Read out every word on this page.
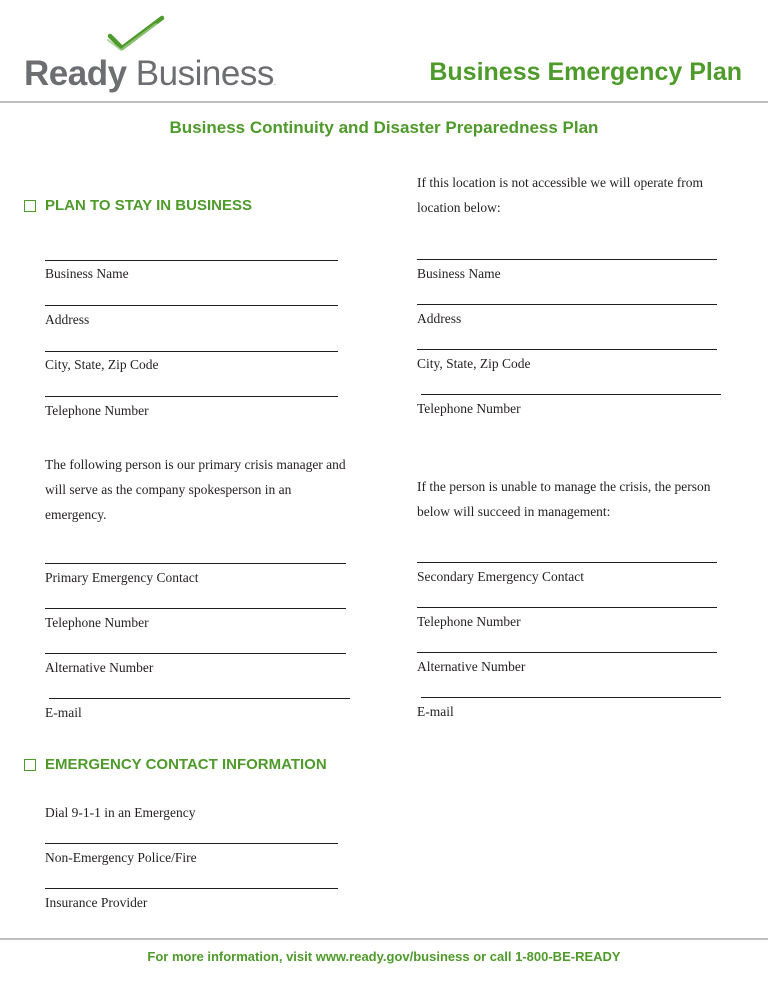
Ready Business.	Business Emergency Plan
Business Continuity and Disaster Preparedness Plan
PLAN TO STAY IN BUSINESS
Business Name
Address
City, State, Zip Code
Telephone Number
The following person is our primary crisis manager and will serve as the company spokesperson in an emergency.
Primary Emergency Contact
Telephone Number
Alternative Number
E-mail
EMERGENCY CONTACT INFORMATION
Dial 9-1-1 in an Emergency
Non-Emergency Police/Fire
Insurance Provider
If this location is not accessible we will operate from location below:
Business Name
Address
City, State, Zip Code
Telephone Number
If the person is unable to manage the crisis, the person below will succeed in management:
Secondary Emergency Contact
Telephone Number
Alternative Number
E-mail
For more information, visit www.ready.gov/business or call 1-800-BE-READY
